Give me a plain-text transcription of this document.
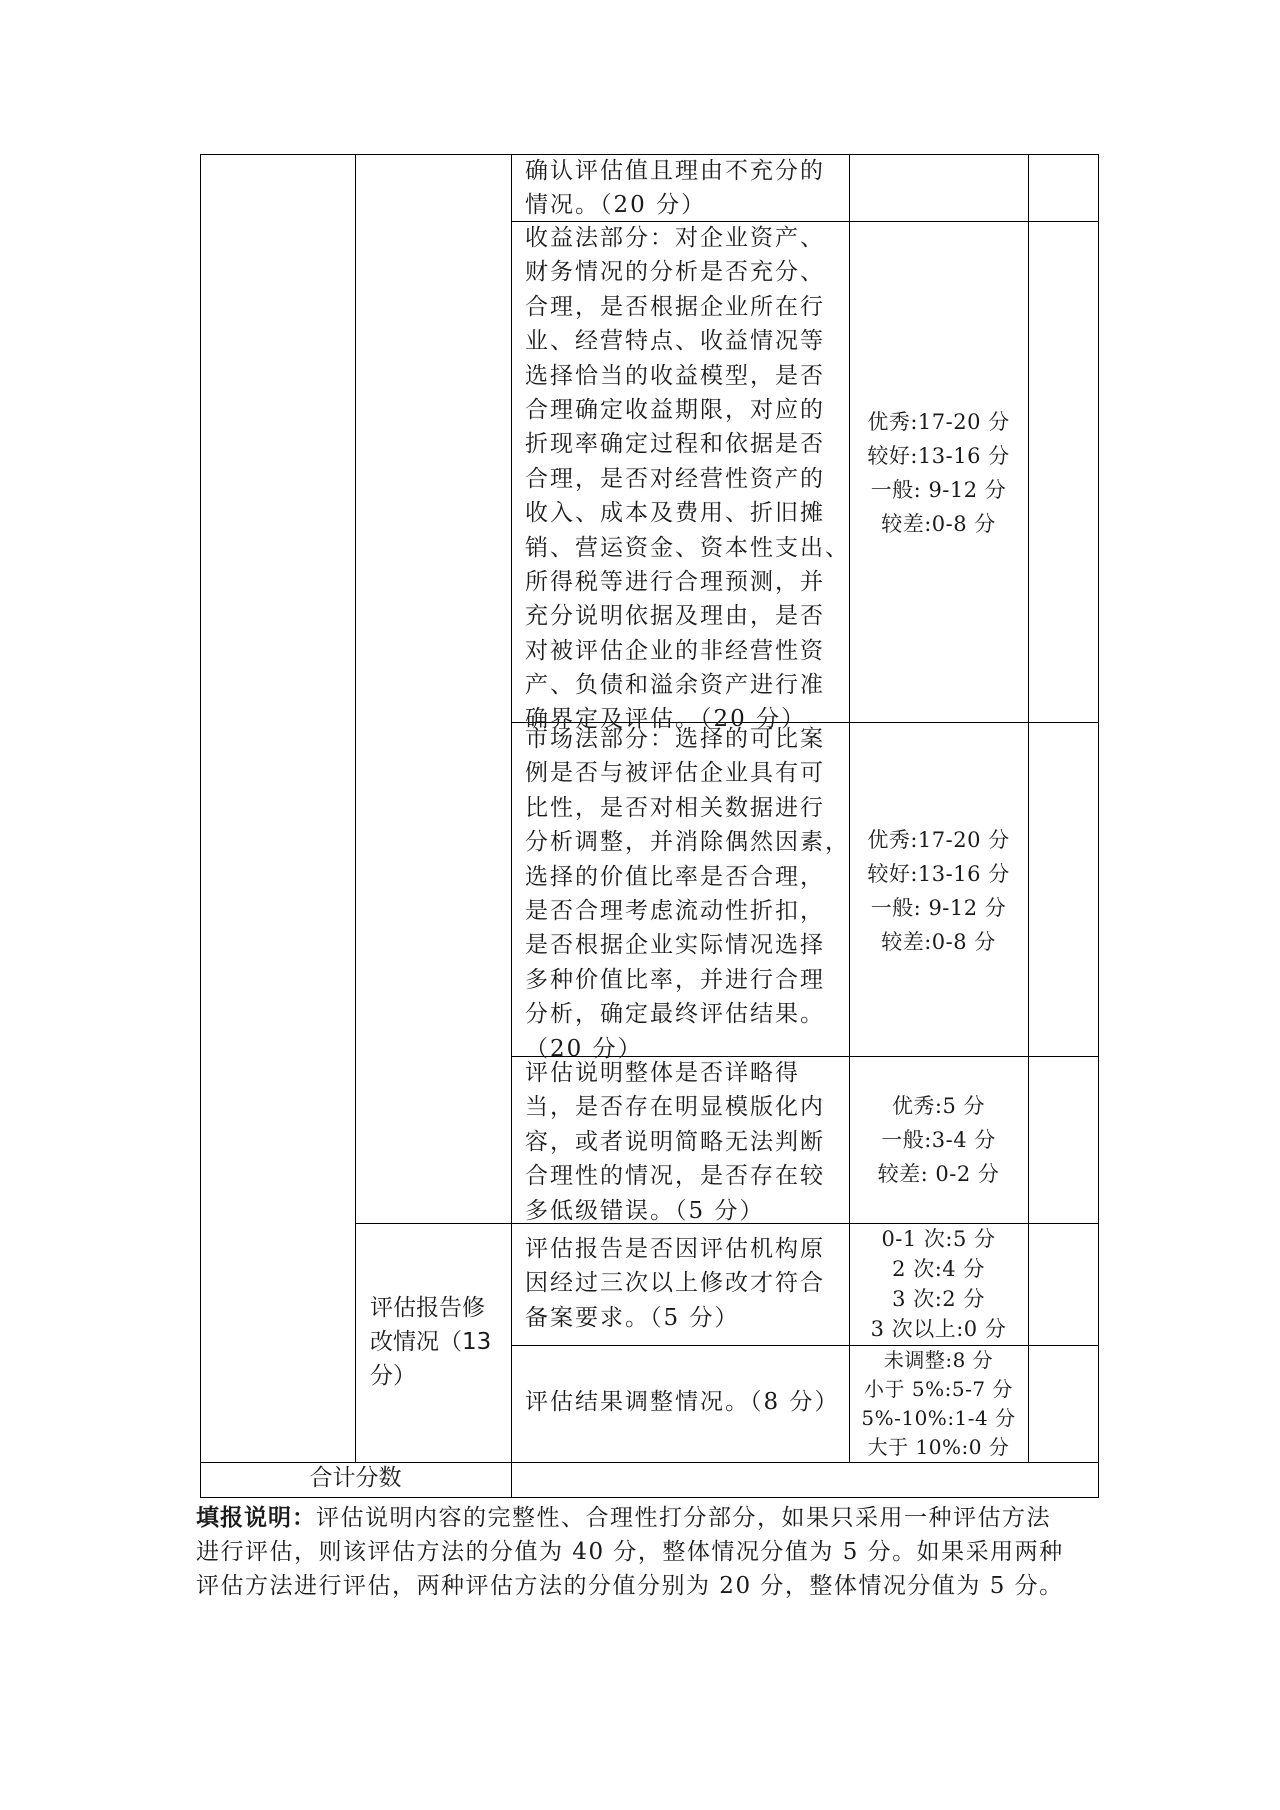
确认评估值且理由不充分的
情况。（20 分）
收益法部分：对企业资产、
财务情况的分析是否充分、
合理，是否根据企业所在行
业、经营特点、收益情况等
选择恰当的收益模型，是否
合理确定收益期限，对应的
折现率确定过程和依据是否
合理，是否对经营性资产的
收入、成本及费用、折旧摊
销、营运资金、资本性支出、
所得税等进行合理预测，并
充分说明依据及理由，是否
对被评估企业的非经营性资
产、负债和溢余资产进行准
确界定及评估。（20 分）
优秀:17-20 分
较好:13-16 分
一般: 9-12 分
较差:0-8 分
市场法部分：选择的可比案
例是否与被评估企业具有可
比性，是否对相关数据进行
分析调整，并消除偶然因素，
选择的价值比率是否合理，
是否合理考虑流动性折扣，
是否根据企业实际情况选择
多种价值比率，并进行合理
分析，确定最终评估结果。
（20 分）
优秀:17-20 分
较好:13-16 分
一般: 9-12 分
较差:0-8 分
评估说明整体是否详略得
当，是否存在明显模版化内
容，或者说明简略无法判断
合理性的情况，是否存在较
多低级错误。（5 分）
优秀:5 分
一般:3-4 分
较差: 0-2 分
评估报告修改情况（13 分）
评估报告是否因评估机构原
因经过三次以上修改才符合
备案要求。（5 分）
0-1 次:5 分
2 次:4 分
3 次:2 分
3 次以上:0 分
评估结果调整情况。（8 分）
未调整:8 分
小于 5%:5-7 分
5%-10%:1-4 分
大于 10%:0 分
合计分数
填报说明：评估说明内容的完整性、合理性打分部分，如果只采用一种评估方法
进行评估，则该评估方法的分值为 40 分，整体情况分值为 5 分。如果采用两种
评估方法进行评估，两种评估方法的分值分别为 20 分，整体情况分值为 5 分。
